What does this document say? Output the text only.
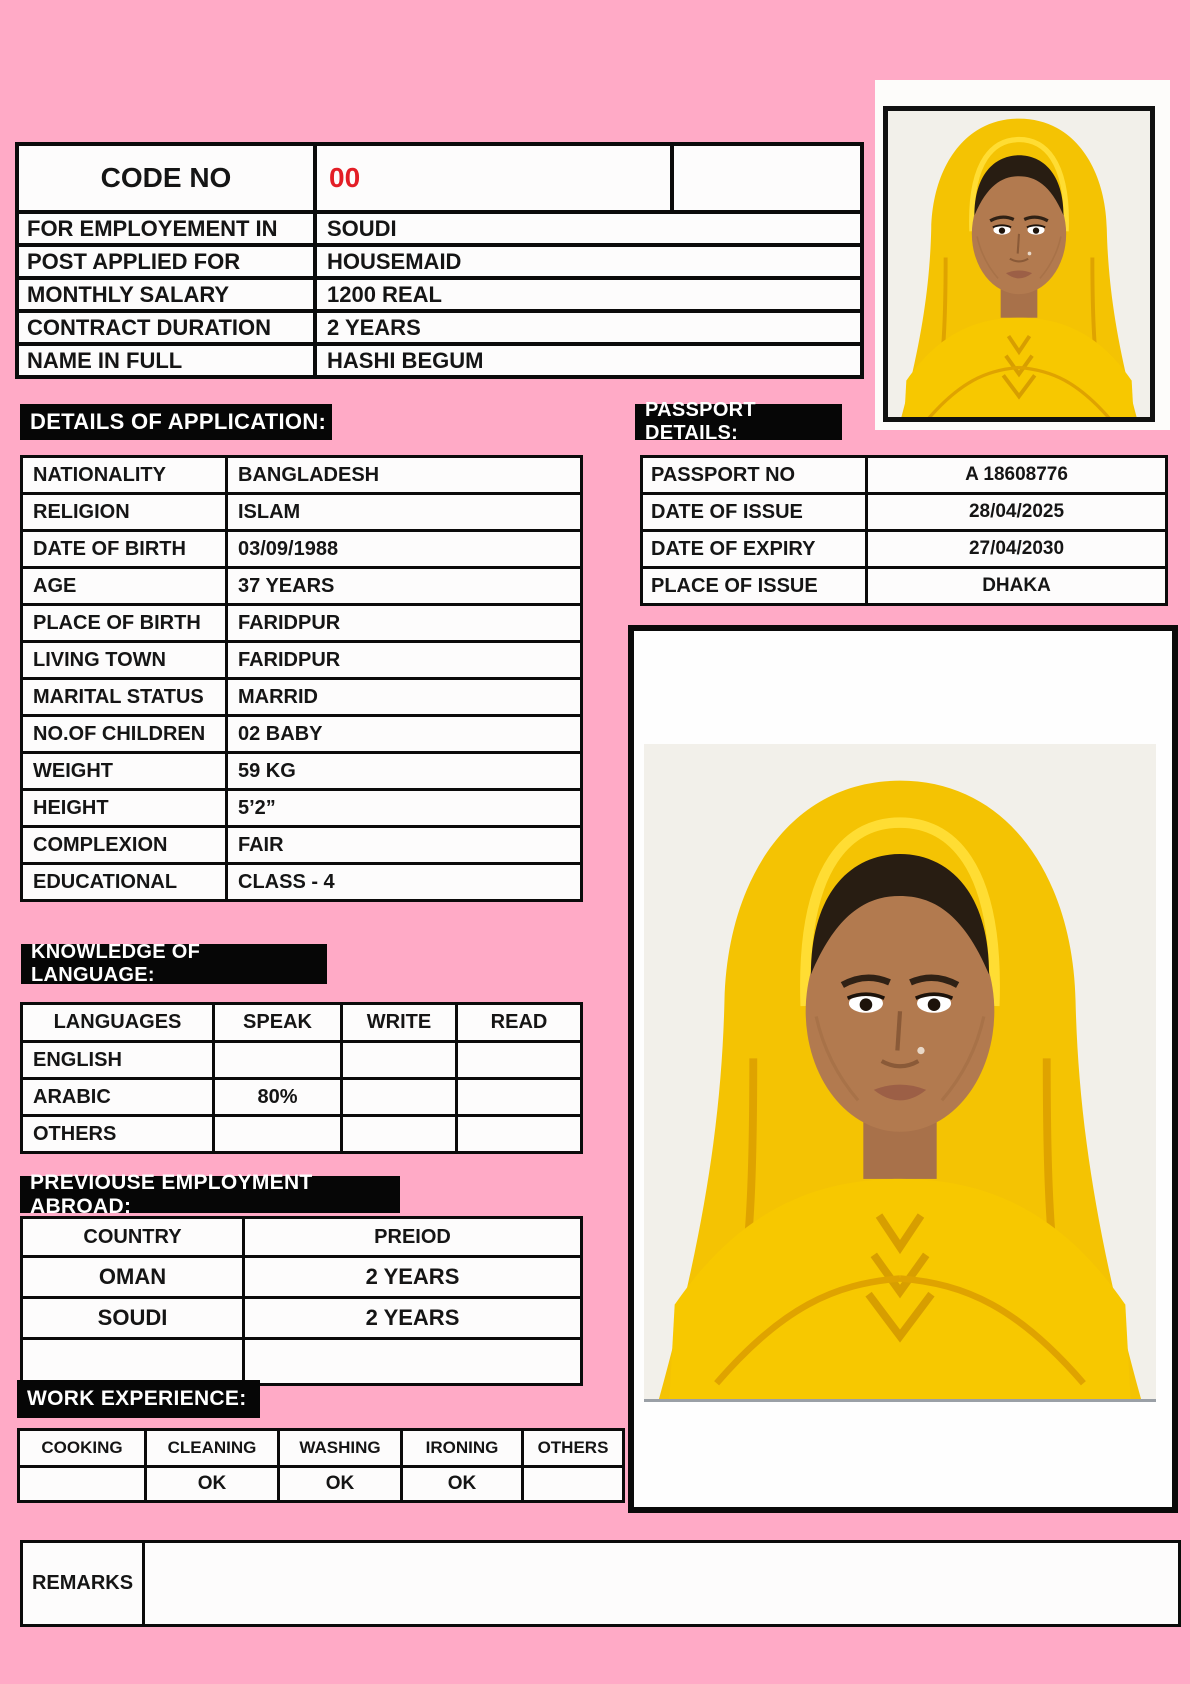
CODE NO	00	
FOR EMPLOYEMENT IN	SOUDI	
POST APPLIED FOR	HOUSEMAID	
MONTHLY SALARY	1200 REAL	
CONTRACT DURATION	2 YEARS	
NAME IN FULL	HASHI BEGUM	
DETAILS OF APPLICATION:	PASSPORT DETAILS:
NATIONALITY	BANGLADESH
RELIGION	ISLAM
DATE OF BIRTH	03/09/1988
AGE	37 YEARS
PLACE OF BIRTH	FARIDPUR
LIVING TOWN	FARIDPUR
MARITAL STATUS	MARRID
NO.OF CHILDREN	02 BABY
WEIGHT	59 KG
HEIGHT	5’2”
COMPLEXION	FAIR
EDUCATIONAL	CLASS - 4
PASSPORT NO	A 18608776
DATE OF ISSUE	28/04/2025
DATE OF EXPIRY	27/04/2030
PLACE OF ISSUE	DHAKA
KNOWLEDGE OF LANGUAGE:
LANGUAGES	SPEAK	WRITE	READ
ENGLISH			
ARABIC	80%		
OTHERS			
PREVIOUSE EMPLOYMENT ABROAD:
COUNTRY	PREIOD
OMAN	2 YEARS
SOUDI	2 YEARS

WORK EXPERIENCE:
COOKING	CLEANING	WASHING	IRONING	OTHERS
	OK	OK	OK	
REMARKS	
